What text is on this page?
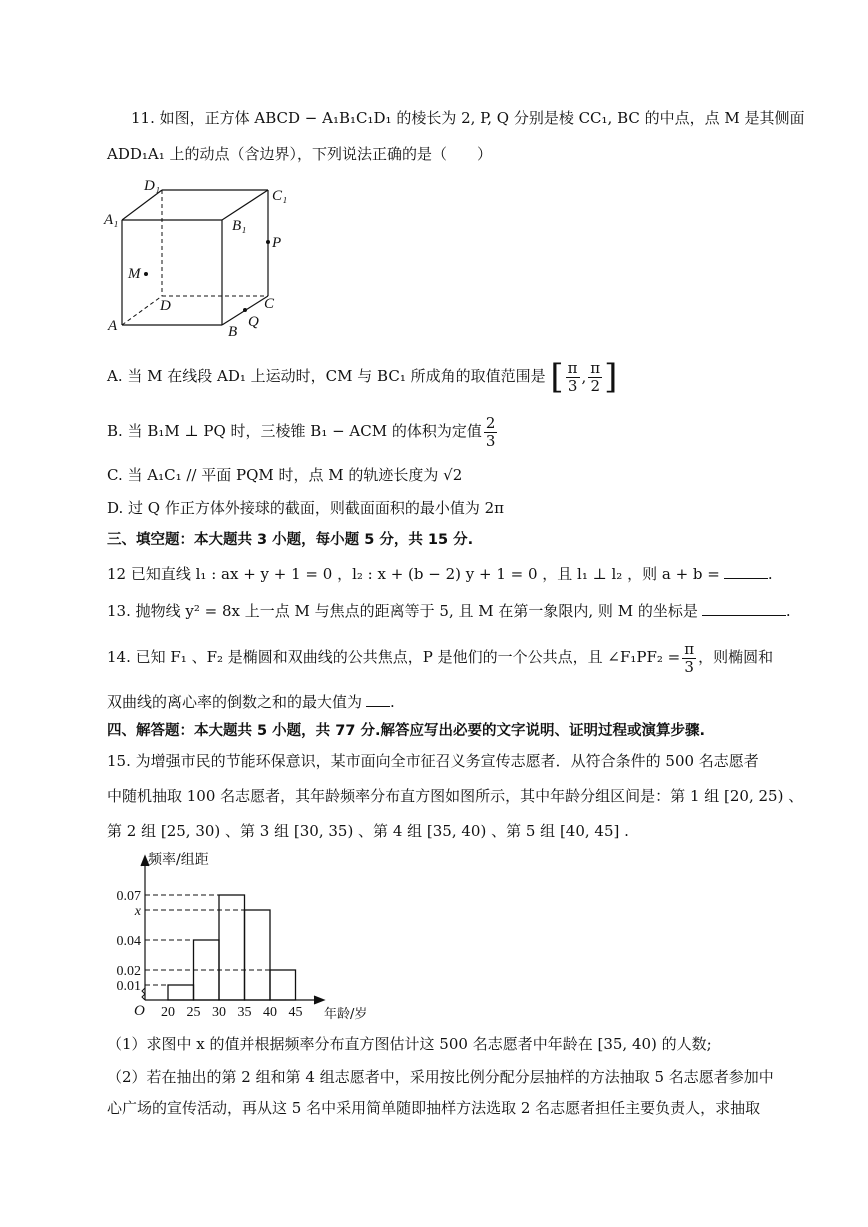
11. 如图，正方体 ABCD − A₁B₁C₁D₁ 的棱长为 2, P, Q 分别是棱 CC₁, BC 的中点，点 M 是其侧面
ADD₁A₁ 上的动点（含边界），下列说法正确的是（　　）
A₁
D₁
C₁
B₁
P
M
D
A	B
Q
C
A. 当 M 在线段 AD₁ 上运动时，CM 与 BC₁ 所成角的取值范围是 [ $\frac{\pi}{3}$ , $\frac{\pi}{2}$ ]
B. 当 B₁M ⊥ PQ 时，三棱锥 B₁ − ACM 的体积为定值 $\frac{2}{3}$
C. 当 A₁C₁ // 平面 PQM 时，点 M 的轨迹长度为 √2
D. 过 Q 作正方体外接球的截面，则截面面积的最小值为 2π
三、填空题：本大题共 3 小题，每小题 5 分，共 15 分.
12 已知直线 l₁ : ax + y + 1 = 0 ，l₂ : x + (b − 2) y + 1 = 0 ，且 l₁ ⊥ l₂ ，则 a + b =	.
13. 抛物线 y² = 8x 上一点 M 与焦点的距离等于 5, 且 M 在第一象限内, 则 M 的坐标是	.
14. 已知 F₁ 、F₂ 是椭圆和双曲线的公共焦点，P 是他们的一个公共点，且 ∠F₁PF₂ = $\frac{\pi}{3}$ ，则椭圆和
双曲线的离心率的倒数之和的最大值为 .
四、解答题：本大题共 5 小题，共 77 分.解答应写出必要的文字说明、证明过程或演算步骤.
15. 为增强市民的节能环保意识，某市面向全市征召义务宣传志愿者．从符合条件的 500 名志愿者
中随机抽取 100 名志愿者，其年龄频率分布直方图如图所示，其中年龄分组区间是：第 1 组 [20, 25) 、
第 2 组 [25, 30) 、第 3 组 [30, 35) 、第 4 组 [35, 40) 、第 5 组 [40, 45] .
0.07
x
0.04
0.02
0.01
20 25 30 35 40 45
频率/组距
年龄/岁
O
（1）求图中 x 的值并根据频率分布直方图估计这 500 名志愿者中年龄在 [35, 40) 的人数;
（2）若在抽出的第 2 组和第 4 组志愿者中，采用按比例分配分层抽样的方法抽取 5 名志愿者参加中
心广场的宣传活动，再从这 5 名中采用简单随即抽样方法选取 2 名志愿者担任主要负责人，求抽取
